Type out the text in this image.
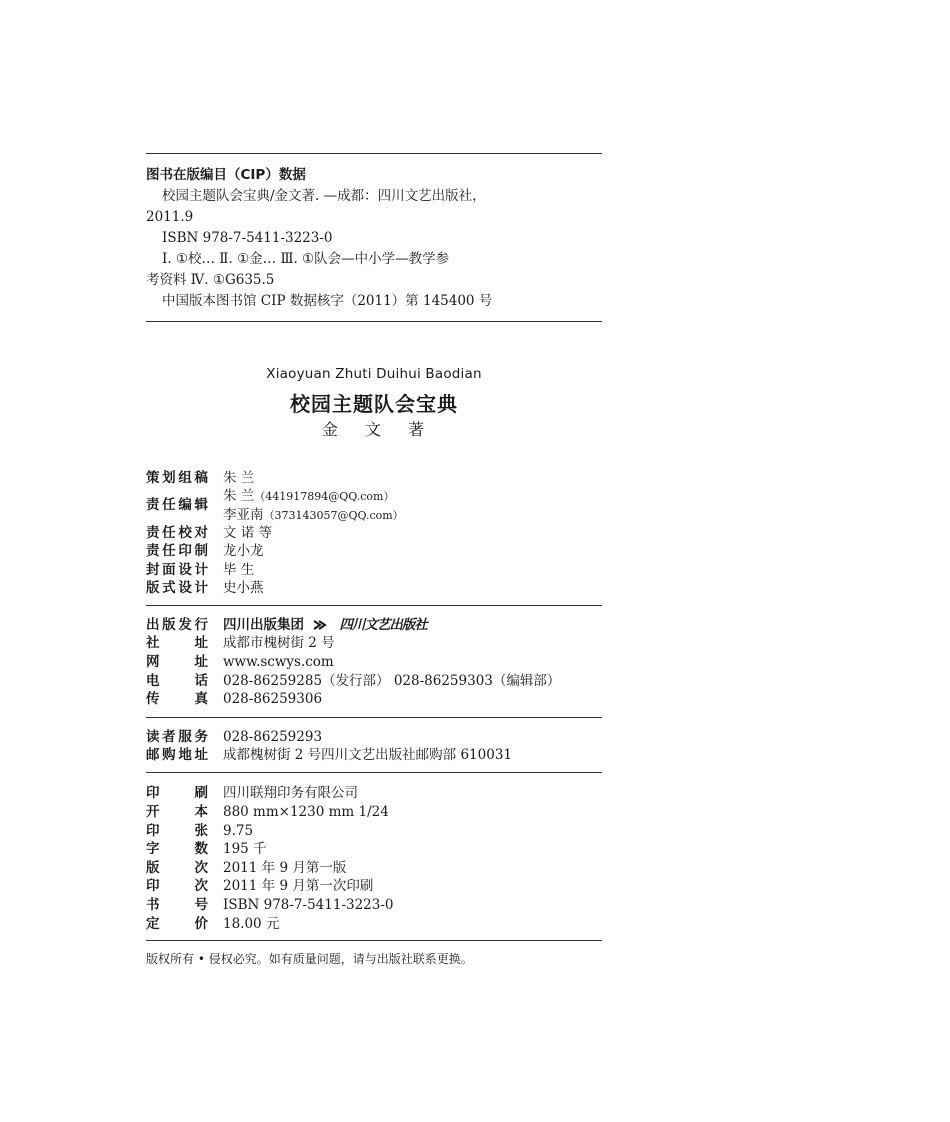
图书在版编目（CIP）数据
校园主题队会宝典/金文著. —成都：四川文艺出版社，
2011.9
ISBN 978-7-5411-3223-0
Ⅰ. ①校… Ⅱ. ①金… Ⅲ. ①队会—中小学—教学参
考资料 Ⅳ. ①G635.5
中国版本图书馆 CIP 数据核字（2011）第 145400 号
Xiaoyuan Zhuti Duihui Baodian
校园主题队会宝典
金 文 著
策划组稿 朱 兰
责任编辑
朱 兰（441917894@QQ.com）
李亚南（373143057@QQ.com）
责任校对 文 诺 等
责任印制 龙小龙
封面设计 毕 生
版式设计 史小燕
出版发行 四川出版集团	四川文艺出版社
社 址 成都市槐树街 2 号
网 址 www.scwys.com
电 话 028-86259285（发行部） 028-86259303（编辑部）
传 真 028-86259306
读者服务 028-86259293
邮购地址 成都槐树街 2 号四川文艺出版社邮购部 610031
印 刷 四川联翔印务有限公司
开 本 880 mm×1230 mm 1/24
印 张 9.75
字 数 195 千
版 次 2011 年 9 月第一版
印 次 2011 年 9 月第一次印刷
书 号 ISBN 978-7-5411-3223-0
定 价 18.00 元
版权所有 • 侵权必究。如有质量问题，请与出版社联系更换。
